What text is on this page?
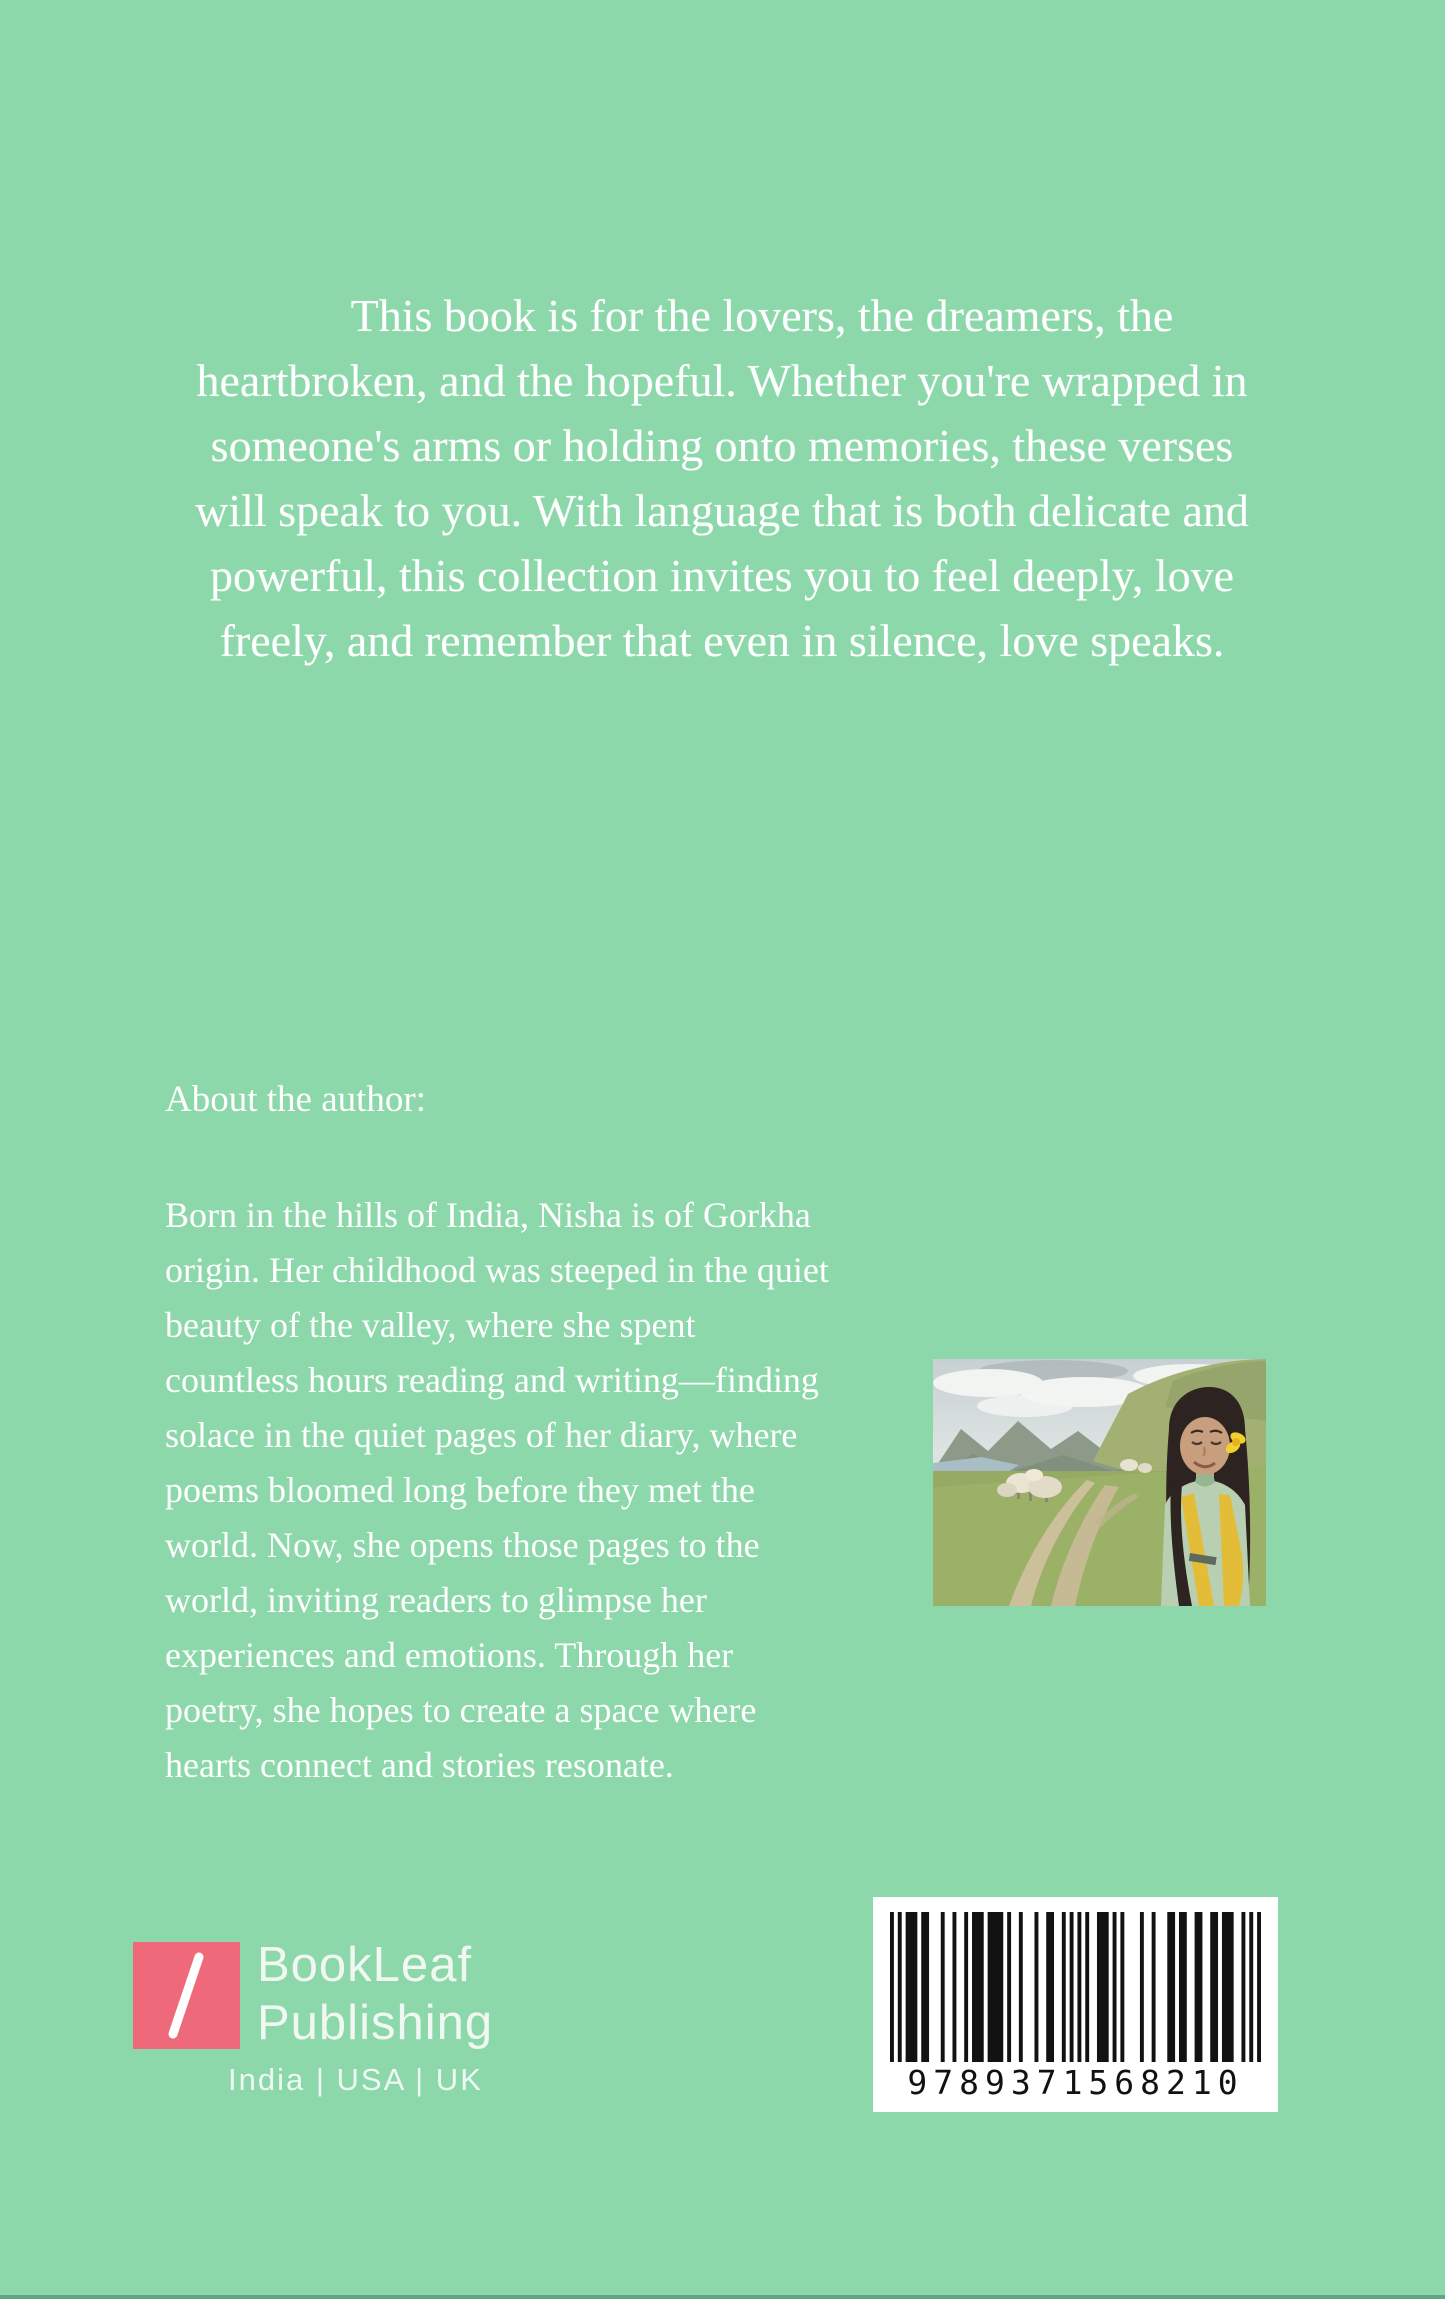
This book is for the lovers, the dreamers, the
heartbroken, and the hopeful. Whether you're wrapped in
someone's arms or holding onto memories, these verses
will speak to you. With language that is both delicate and
powerful, this collection invites you to feel deeply, love
freely, and remember that even in silence, love speaks.
About the author:
Born in the hills of India, Nisha is of Gorkha
origin. Her childhood was steeped in the quiet
beauty of the valley, where she spent
countless hours reading and writing—finding
solace in the quiet pages of her diary, where
poems bloomed long before they met the
world. Now, she opens those pages to the
world, inviting readers to glimpse her
experiences and emotions. Through her
poetry, she hopes to create a space where
hearts connect and stories resonate.
BookLeaf
Publishing
India | USA | UK	9789371568210
